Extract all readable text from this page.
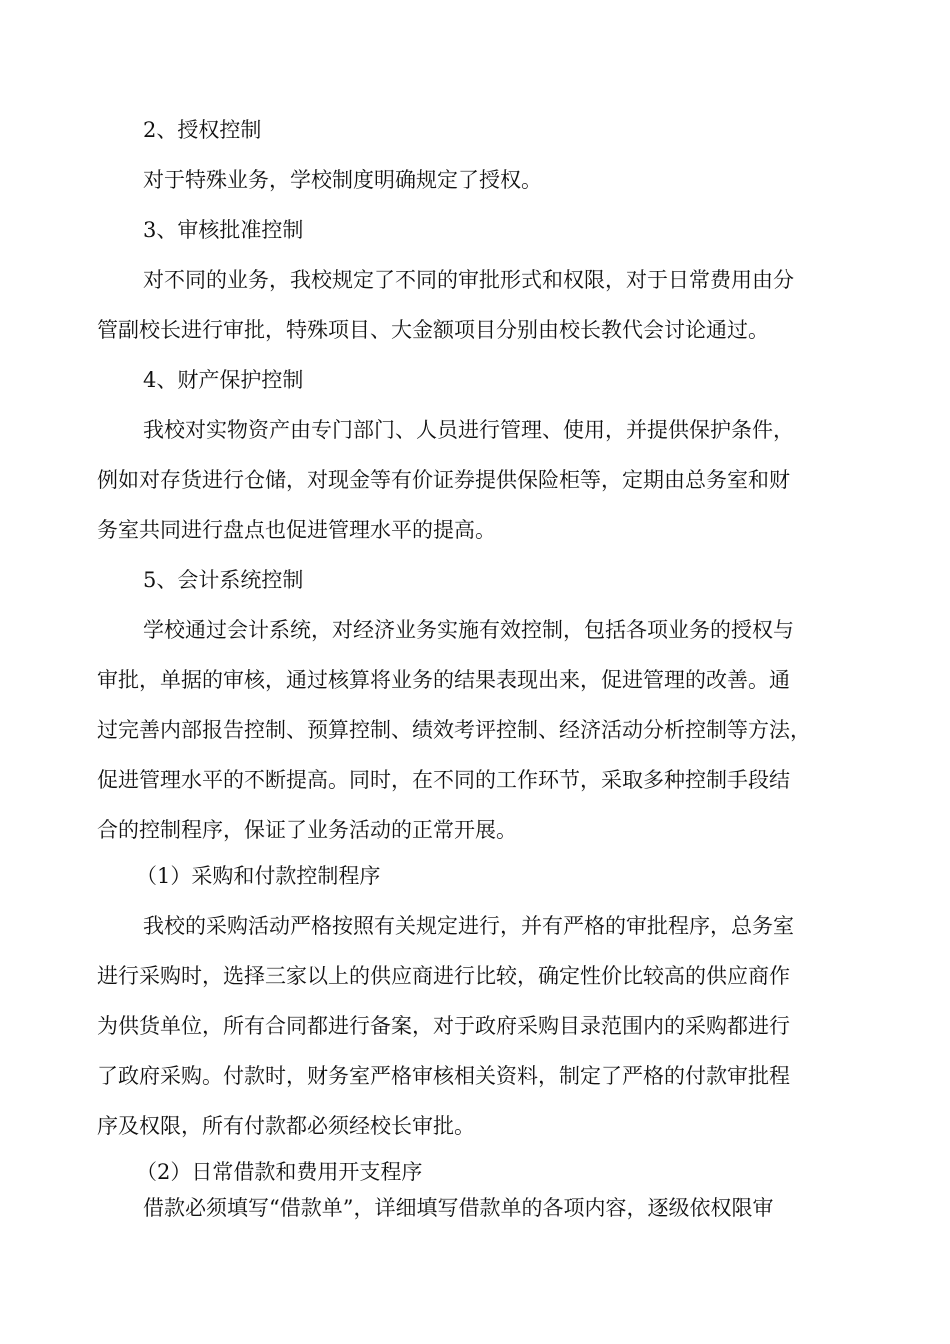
2、授权控制
对于特殊业务，学校制度明确规定了授权。
3、审核批准控制
对不同的业务，我校规定了不同的审批形式和权限，对于日常费用由分
管副校长进行审批，特殊项目、大金额项目分别由校长教代会讨论通过。
4、财产保护控制
我校对实物资产由专门部门、人员进行管理、使用，并提供保护条件，
例如对存货进行仓储，对现金等有价证券提供保险柜等，定期由总务室和财
务室共同进行盘点也促进管理水平的提高。
5、会计系统控制
学校通过会计系统，对经济业务实施有效控制，包括各项业务的授权与
审批，单据的审核，通过核算将业务的结果表现出来，促进管理的改善。通
过完善内部报告控制、预算控制、绩效考评控制、经济活动分析控制等方法，
促进管理水平的不断提高。同时，在不同的工作环节，采取多种控制手段结
合的控制程序，保证了业务活动的正常开展。
（1）采购和付款控制程序
我校的采购活动严格按照有关规定进行，并有严格的审批程序，总务室
进行采购时，选择三家以上的供应商进行比较，确定性价比较高的供应商作
为供货单位，所有合同都进行备案，对于政府采购目录范围内的采购都进行
了政府采购。付款时，财务室严格审核相关资料，制定了严格的付款审批程
序及权限，所有付款都必须经校长审批。
（2）日常借款和费用开支程序
借款必须填写“借款单”，详细填写借款单的各项内容，逐级依权限审
